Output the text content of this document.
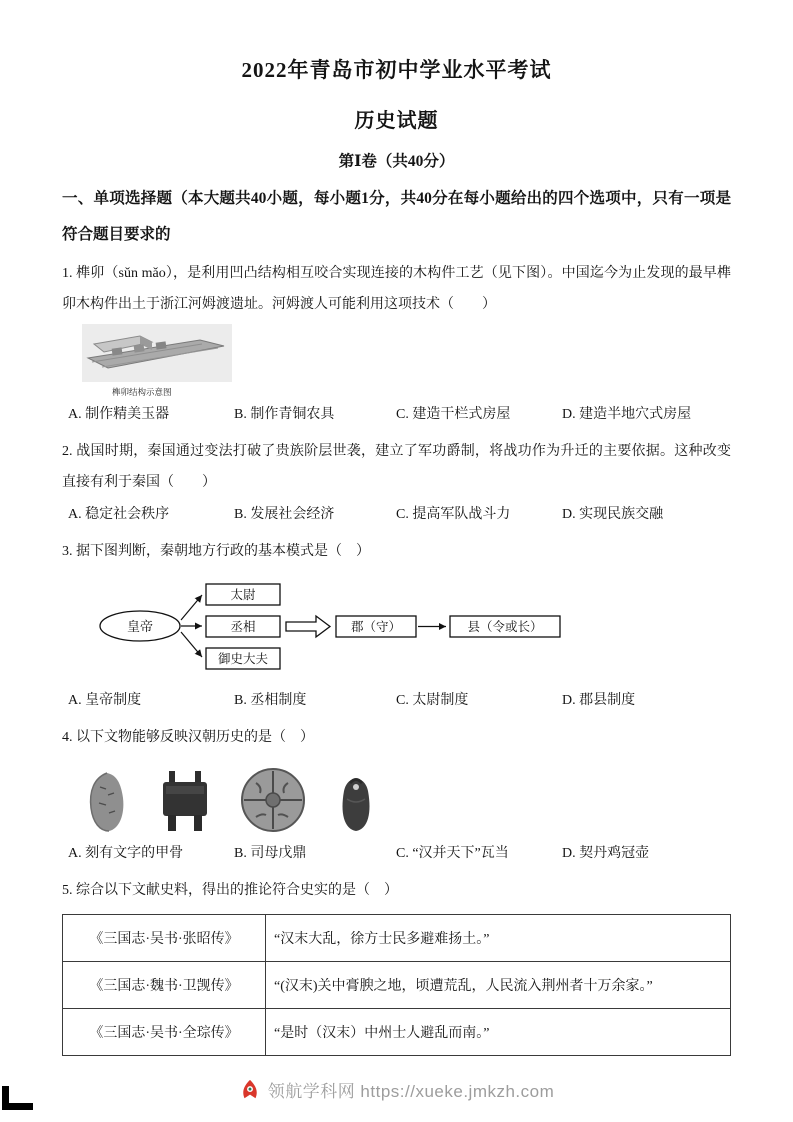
2022年青岛市初中学业水平考试
历史试题
第Ⅰ卷（共40分）

一、单项选择题（本大题共40小题，每小题1分，共40分在每小题给出的四个选项中，只有一项是符合题目要求的

1. 榫卯（sǔn mǎo），是利用凹凸结构相互咬合实现连接的木构件工艺（见下图）。中国迄今为止发现的最早榫卯木构件出土于浙江河姆渡遗址。河姆渡人可能利用这项技术（　　）

榫卯结构示意图
A. 制作精美玉器	B. 制作青铜农具	C. 建造干栏式房屋	D. 建造半地穴式房屋

2. 战国时期，秦国通过变法打破了贵族阶层世袭，建立了军功爵制，将战功作为升迁的主要依据。这种改变直接有利于秦国（　　）

A. 稳定社会秩序	B. 发展社会经济	C. 提高军队战斗力	D. 实现民族交融

3. 据下图判断，秦朝地方行政的基本模式是（　）

皇帝
太尉
丞相
御史大夫
郡（守）	县（令或长）
A. 皇帝制度	B. 丞相制度	C. 太尉制度	D. 郡县制度

4. 以下文物能够反映汉朝历史的是（　）

A. 刻有文字的甲骨	B. 司母戊鼎	C. “汉并天下”瓦当	D. 契丹鸡冠壶

5. 综合以下文献史料，得出的推论符合史实的是（　）

《三国志·吴书·张昭传》	“汉末大乱，徐方士民多避难扬土。”
《三国志·魏书·卫觊传》	“(汉末)关中膏腴之地，顷遭荒乱，人民流入荆州者十万余家。”
《三国志·吴书·全琮传》	“是时（汉末）中州士人避乱而南。”
领航学科网 https://xueke.jmkzh.com
